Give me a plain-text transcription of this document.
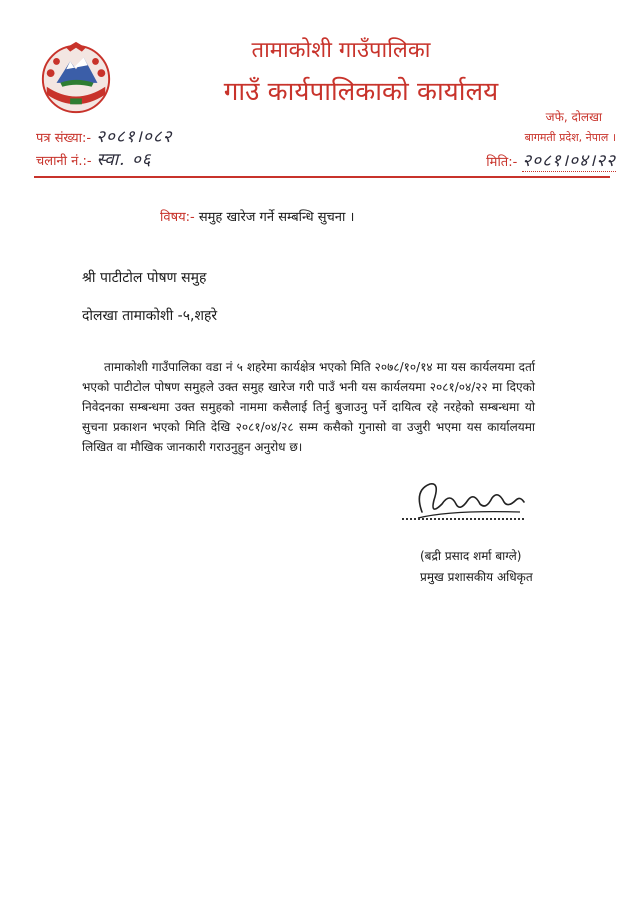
तामाकोशी गाउँपालिका
गाउँ कार्यपालिकाको कार्यालय
जफे, दोलखा
बागमती प्रदेश, नेपाल ।
पत्र संख्या:- २०८१।०८२
चलानी नं.:- स्वा. ०६	मिति:- २०८१।०४।२२
विषय:- समुह खारेज गर्ने सम्बन्धि सुचना ।
श्री पाटीटोल पोषण समुह
दोलखा तामाकोशी -५,शहरे
तामाकोशी गाउँपालिका वडा नं ५ शहरेमा कार्यक्षेत्र भएको मिति २०७८/१०/१४ मा यस कार्यलयमा दर्ता भएको पाटीटोल पोषण समुहले उक्त समुह खारेज गरी पाउँ भनी यस कार्यलयमा २०८१/०४/२२ मा दिएको निवेदनका सम्बन्धमा उक्त समुहको नाममा कसैलाई तिर्नु बुजाउनु पर्ने दायित्व रहे नरहेको सम्बन्धमा यो सुचना प्रकाशन भएको मिति देखि २०८१/०४/२८ सम्म कसैको गुनासो वा उजुरी भएमा यस कार्यालयमा लिखित वा मौखिक जानकारी गराउनुहुन अनुरोध छ।
(बद्री प्रसाद शर्मा बाग्ले)
प्रमुख प्रशासकीय अधिकृत
